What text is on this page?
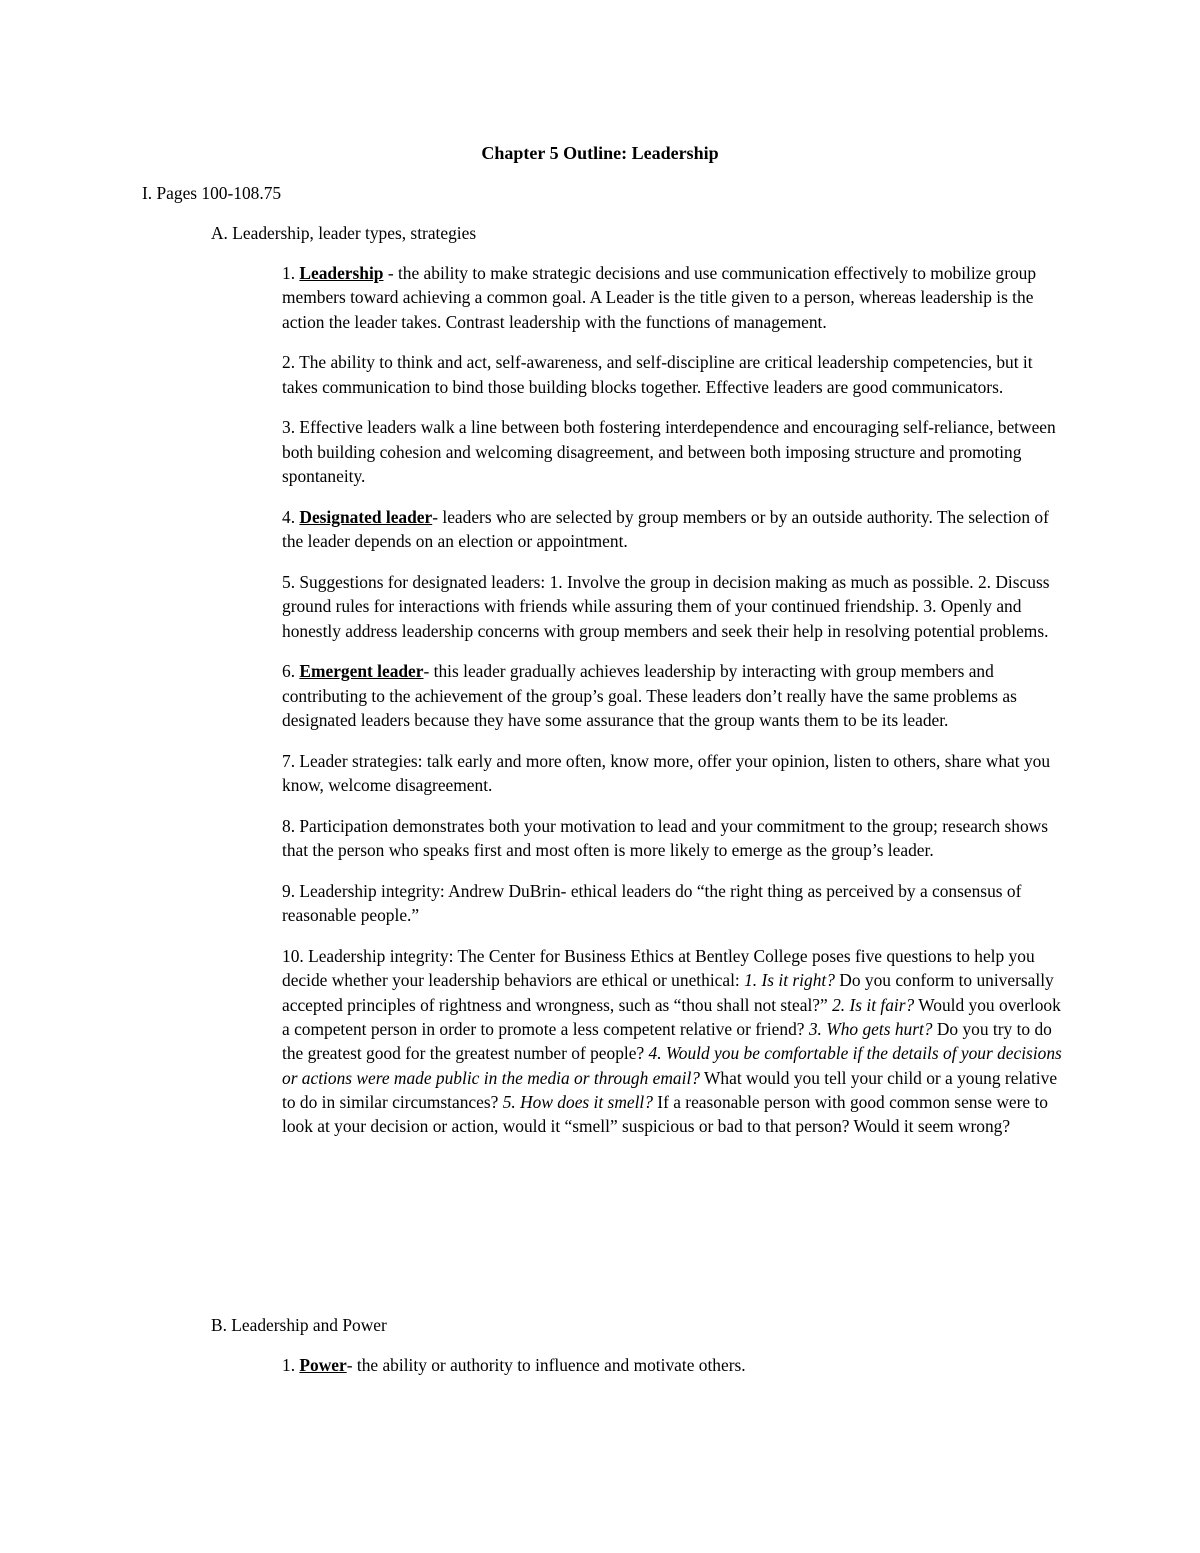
Chapter 5 Outline: Leadership
I. Pages 100-108.75
A. Leadership, leader types, strategies

1. Leadership - the ability to make strategic decisions and use communication effectively to mobilize group members toward achieving a common goal. A Leader is the title given to a person, whereas leadership is the action the leader takes. Contrast leadership with the functions of management.

2. The ability to think and act, self-awareness, and self-discipline are critical leadership competencies, but it takes communication to bind those building blocks together. Effective leaders are good communicators.

3. Effective leaders walk a line between both fostering interdependence and encouraging self-reliance, between both building cohesion and welcoming disagreement, and between both imposing structure and promoting spontaneity.

4. Designated leader- leaders who are selected by group members or by an outside authority. The selection of the leader depends on an election or appointment.

5. Suggestions for designated leaders: 1. Involve the group in decision making as much as possible. 2. Discuss ground rules for interactions with friends while assuring them of your continued friendship. 3. Openly and honestly address leadership concerns with group members and seek their help in resolving potential problems.

6. Emergent leader- this leader gradually achieves leadership by interacting with group members and contributing to the achievement of the group’s goal. These leaders don’t really have the same problems as designated leaders because they have some assurance that the group wants them to be its leader.

7. Leader strategies: talk early and more often, know more, offer your opinion, listen to others, share what you know, welcome disagreement.

8. Participation demonstrates both your motivation to lead and your commitment to the group; research shows that the person who speaks first and most often is more likely to emerge as the group’s leader.

9. Leadership integrity: Andrew DuBrin- ethical leaders do “the right thing as perceived by a consensus of reasonable people.”

10. Leadership integrity: The Center for Business Ethics at Bentley College poses five questions to help you decide whether your leadership behaviors are ethical or unethical: 1. Is it right? Do you conform to universally accepted principles of rightness and wrongness, such as “thou shall not steal?” 2. Is it fair? Would you overlook a competent person in order to promote a less competent relative or friend? 3. Who gets hurt? Do you try to do the greatest good for the greatest number of people? 4. Would you be comfortable if the details of your decisions or actions were made public in the media or through email? What would you tell your child or a young relative to do in similar circumstances? 5. How does it smell? If a reasonable person with good common sense were to look at your decision or action, would it “smell” suspicious or bad to that person? Would it seem wrong?

B. Leadership and Power

1. Power- the ability or authority to influence and motivate others.
